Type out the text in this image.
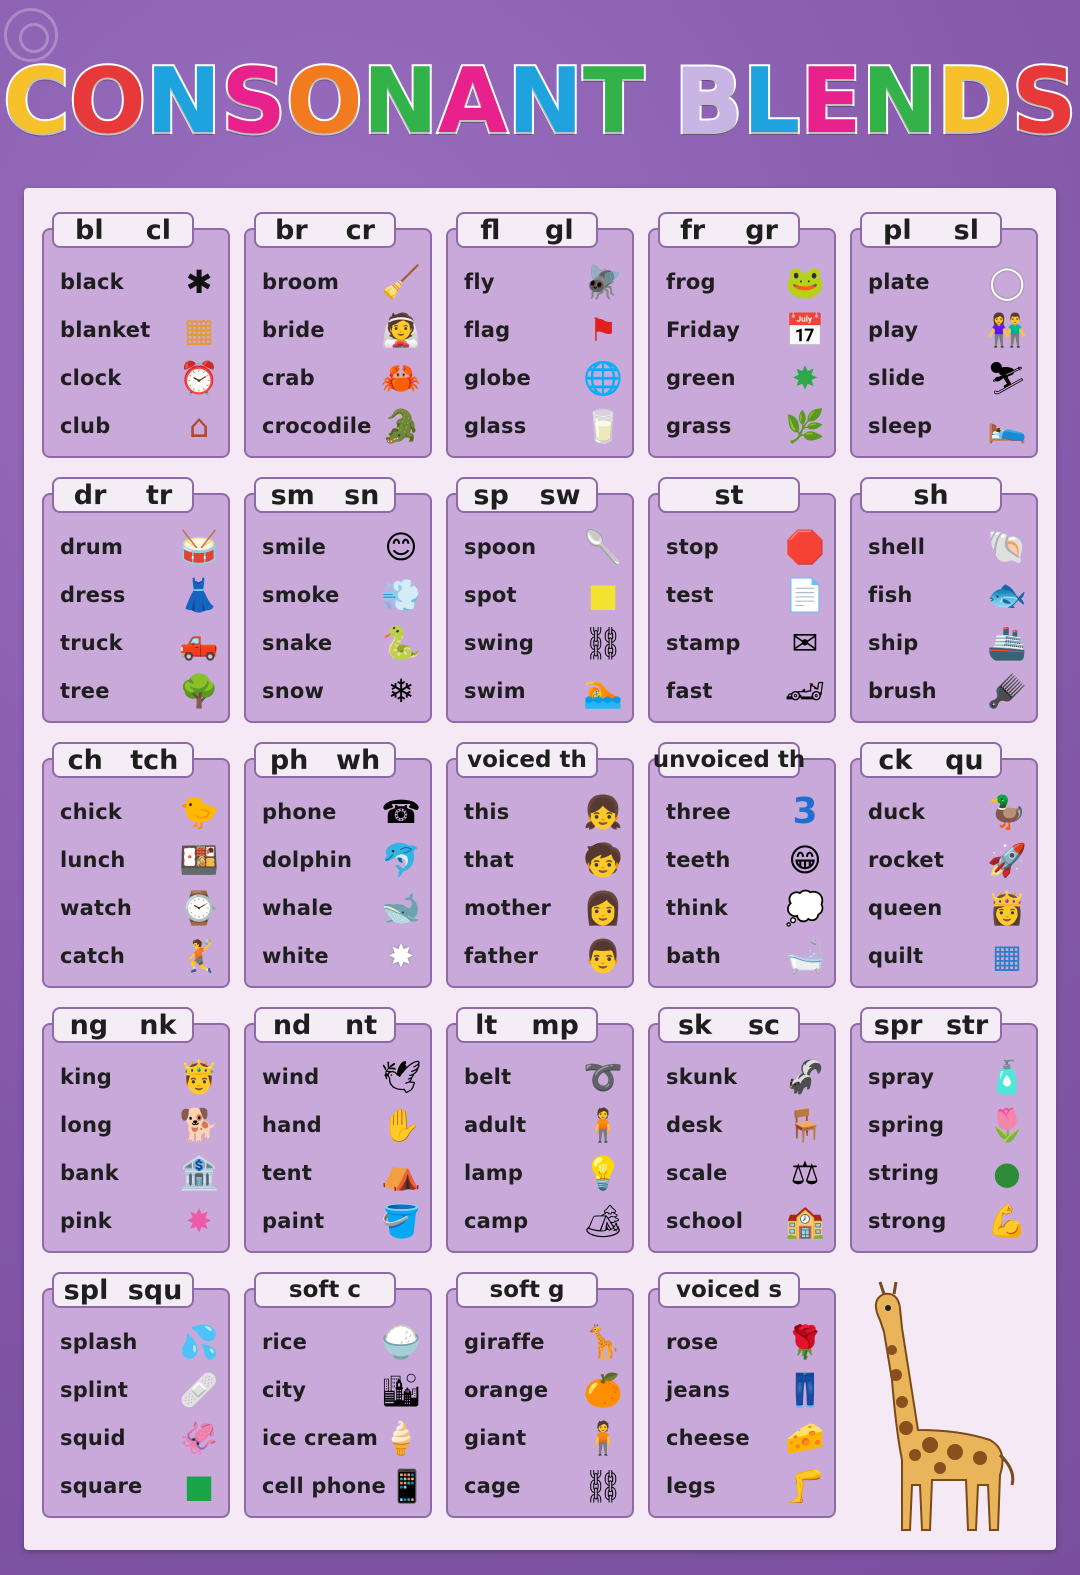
C O N S O N A N T B L E N D S
bl cl
black ✱
blanket ▦
clock ⏰
club	⌂
br cr
broom 🧹
bride 👰
crab 🦀
crocodile 🐊
fl gl
fly	🪰
flag ⚑
globe 🌐
glass 🥛
fr gr
frog 🐸
Friday 📅
green ✸
grass 🌿
pl sl
plate ◯
play 👫
slide ⛷
sleep 🛌
dr tr
drum 🥁
dress 👗
truck 🛻
tree 🌳
sm sn
smile 😊
smoke 💨
snake 🐍
snow ❄
sp sw
spoon 🥄
spot ■
swing ⛓
swim 🏊
st
stop 🛑
test 📄
stamp ✉
fast 🏎
sh
shell 🐚
fish 🐟
ship 🚢
brush 🪮
ch tch
chick 🐤
lunch 🍱
watch ⌚
catch 🤾
ph wh
phone ☎
dolphin 🐬
whale 🐋
white ✸
voiced th
this 👧
that 🧒
mother 👩
father 👨
unvoiced th
three 3
teeth 😁
think 💭
bath 🛁
ck qu
duck 🦆
rocket 🚀
queen 👸
quilt ▦
ng nk
king 🤴
long 🐕
bank 🏦
pink ✸
nd nt
wind 🕊
hand ✋
tent ⛺
paint 🪣
lt mp
belt ➰
adult 🧍
lamp 💡
camp 🏕
sk sc
skunk 🦨
desk 🪑
scale ⚖
school 🏫
spr str
spray 🧴
spring 🌷
string ●
strong 💪
spl squ
splash 💦
splint 🩹
squid 🦑
square ■
soft c
rice 🍚
city 🏙
ice cream 🍦
cell phone 📱
soft g
giraffe 🦒
orange 🍊
giant 🧍
cage ⛓
voiced s
rose 🌹
jeans 👖
cheese 🧀
legs 🦵
